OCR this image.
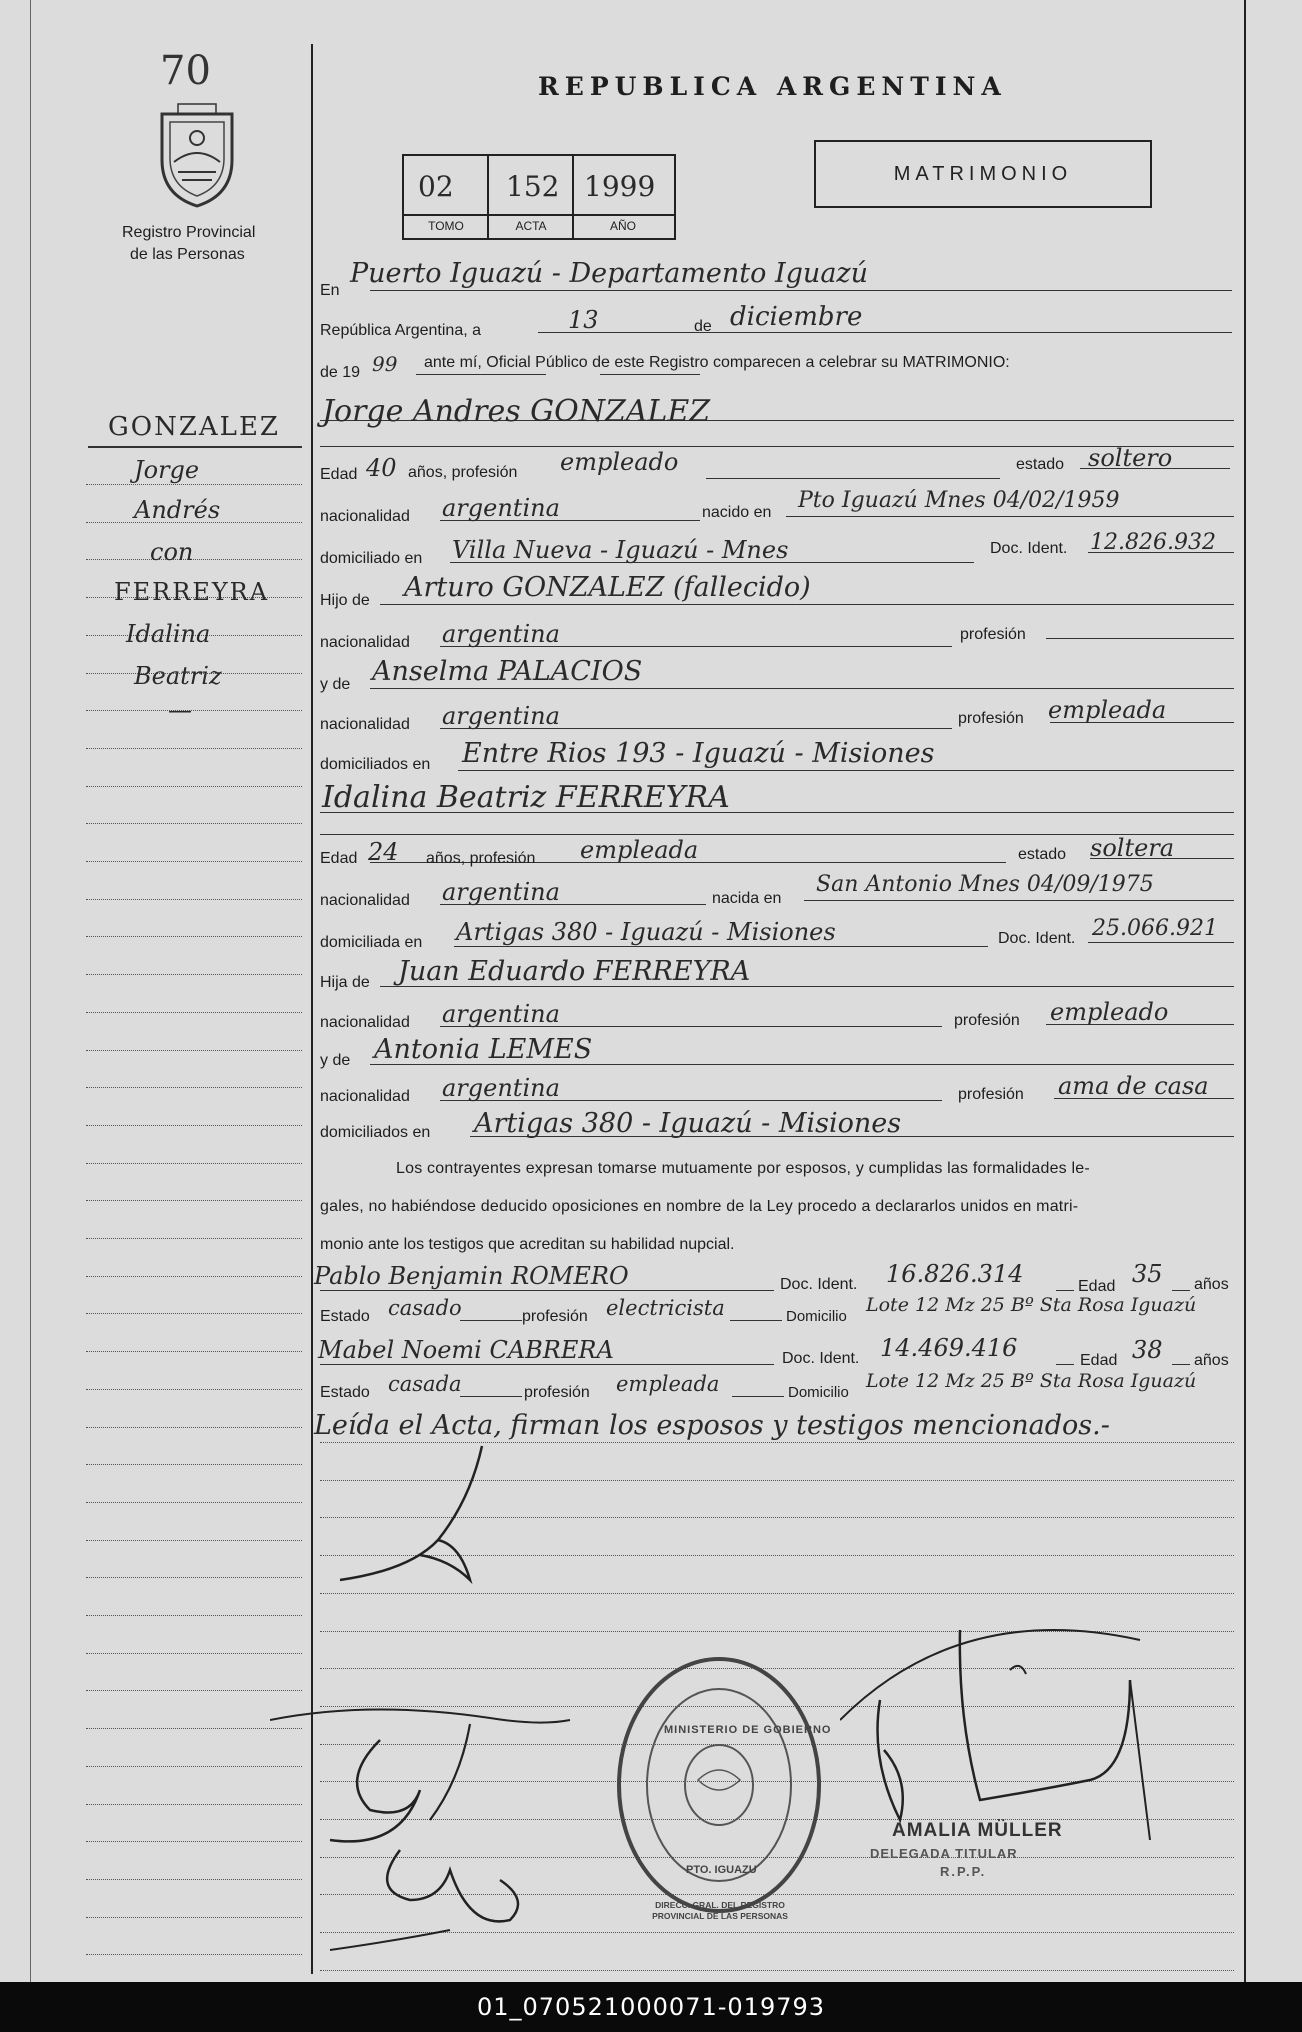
70
Registro Provincial
de las Personas
GONZALEZ
Jorge
Andrés
con
FERREYRA
Idalina
Beatriz
—
REPUBLICA ARGENTINA
02 152 1999
TOMO	ACTA	AÑO
MATRIMONIO
En
Puerto Iguazú - Departamento Iguazú
República Argentina, a	13	de diciembre
de 19 99 ante mí, Oficial Público de este Registro comparecen a celebrar su MATRIMONIO:
Jorge Andres GONZALEZ
Edad 40 años, profesión empleado	estado soltero
nacionalidad argentina	nacido en Pto Iguazú Mnes 04/02/1959
domiciliado en Villa Nueva - Iguazú - Mnes	Doc. Ident. 12.826.932
Hijo de Arturo GONZALEZ (fallecido)
nacionalidad argentina	profesión
y de Anselma PALACIOS
nacionalidad argentina	profesión empleada
domiciliados en Entre Rios 193 - Iguazú - Misiones
Idalina Beatriz FERREYRA
Edad 24 años, profesión empleada	estado soltera
nacionalidad argentina	nacida en
San Antonio Mnes 04/09/1975
domiciliada en Artigas 380 - Iguazú - Misiones	Doc. Ident. 25.066.921
Hija de Juan Eduardo FERREYRA
nacionalidad argentina	profesión empleado
y de Antonia LEMES
nacionalidad argentina	profesión ama de casa
domiciliados en Artigas 380 - Iguazú - Misiones
Los contrayentes expresan tomarse mutuamente por esposos, y cumplidas las formalidades le-
gales, no habiéndose deducido oposiciones en nombre de la Ley procedo a declararlos unidos en matri-
monio ante los testigos que acreditan su habilidad nupcial.
Pablo Benjamin ROMERO	Doc. Ident. 16.826.314	Edad 35 años
Estado casado	profesión electricista	Domicilio
Lote 12 Mz 25 Bº Sta Rosa Iguazú
Mabel Noemi CABRERA	Doc. Ident. 14.469.416	Edad 38 años
Estado casada	profesión empleada	Domicilio
Lote 12 Mz 25 Bº Sta Rosa Iguazú
Leída el Acta, firman los esposos y testigos mencionados.-
MINISTERIO DE GOBIERNO
PTO. IGUAZU
DIRECC. GRAL. DEL REGISTRO PROVINCIAL DE LAS PERSONAS
AMALIA MÜLLER
DELEGADA TITULAR
R.P.P.
01_070521000071-019793
